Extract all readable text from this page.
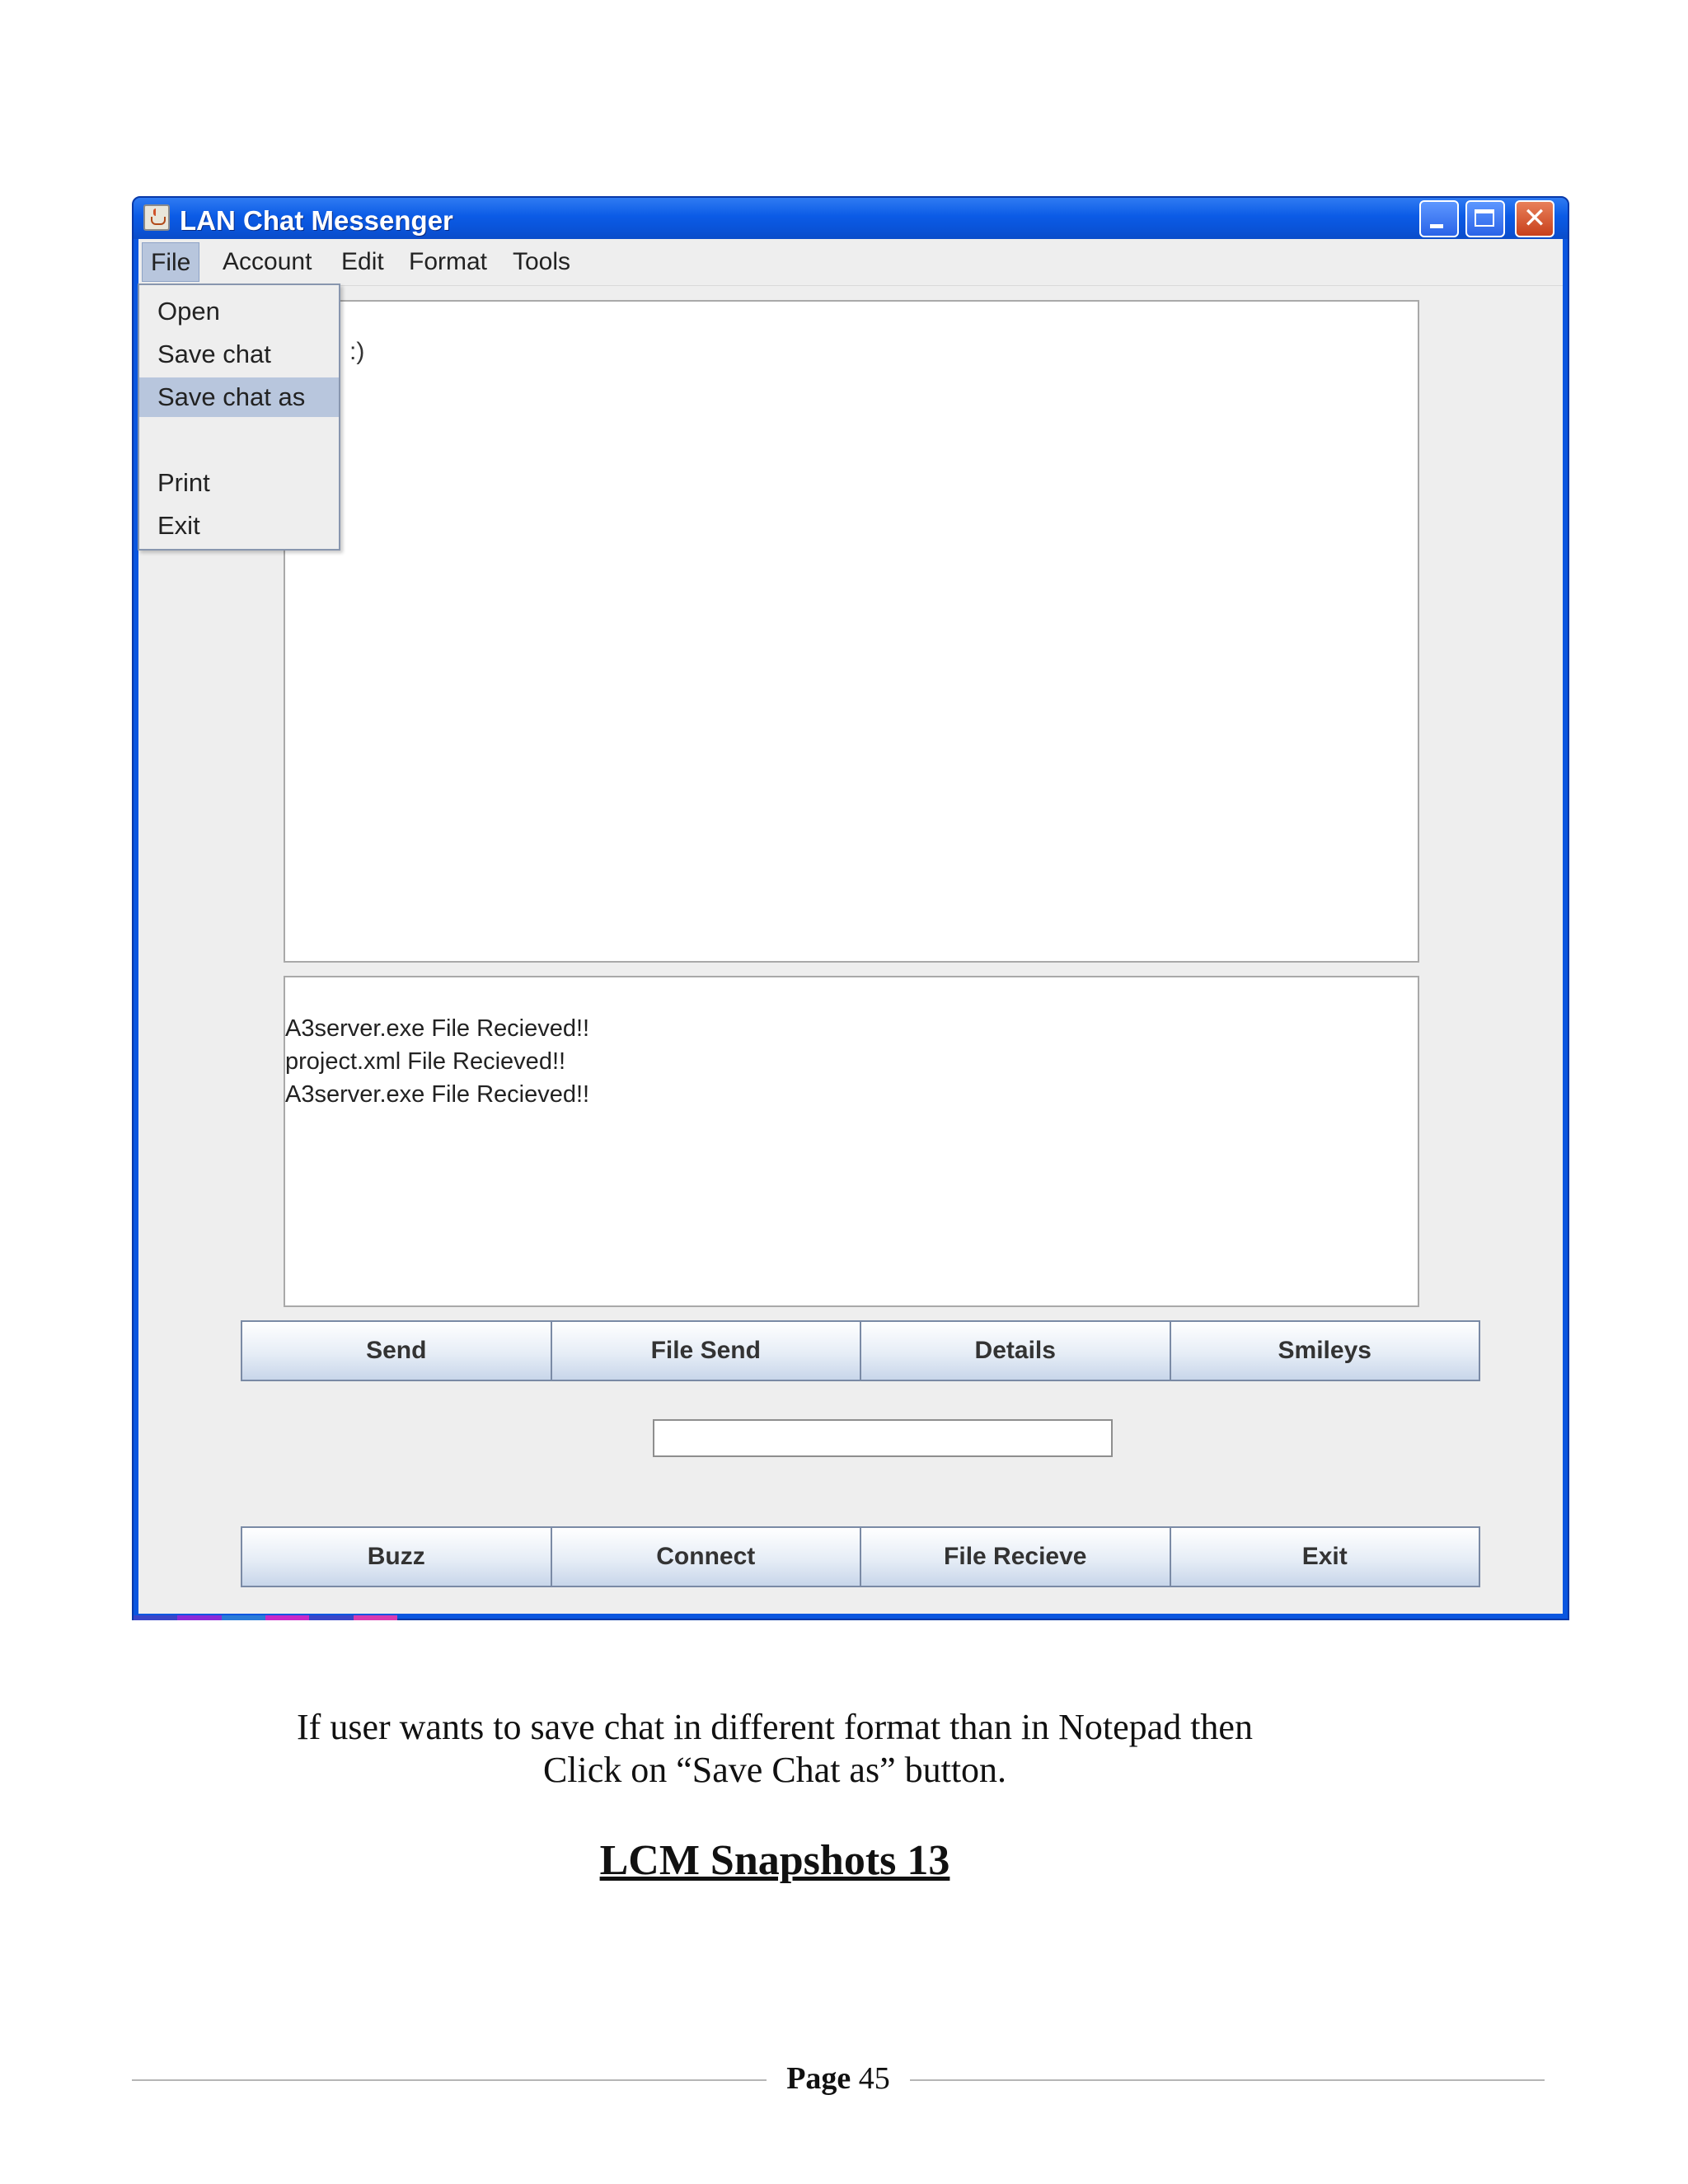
LAN Chat Messenger	✕
File	Account	Edit	Format	Tools
:)
A3server.exe File Recieved!!
project.xml File Recieved!!
A3server.exe File Recieved!!
Send	File Send	Details	Smileys
Buzz	Connect	File Recieve	Exit
Open
Save chat
Save chat as
Print
Exit
If user wants to save chat in different format than in Notepad then
Click on “Save Chat as” button.
LCM Snapshots 13
Page 45
